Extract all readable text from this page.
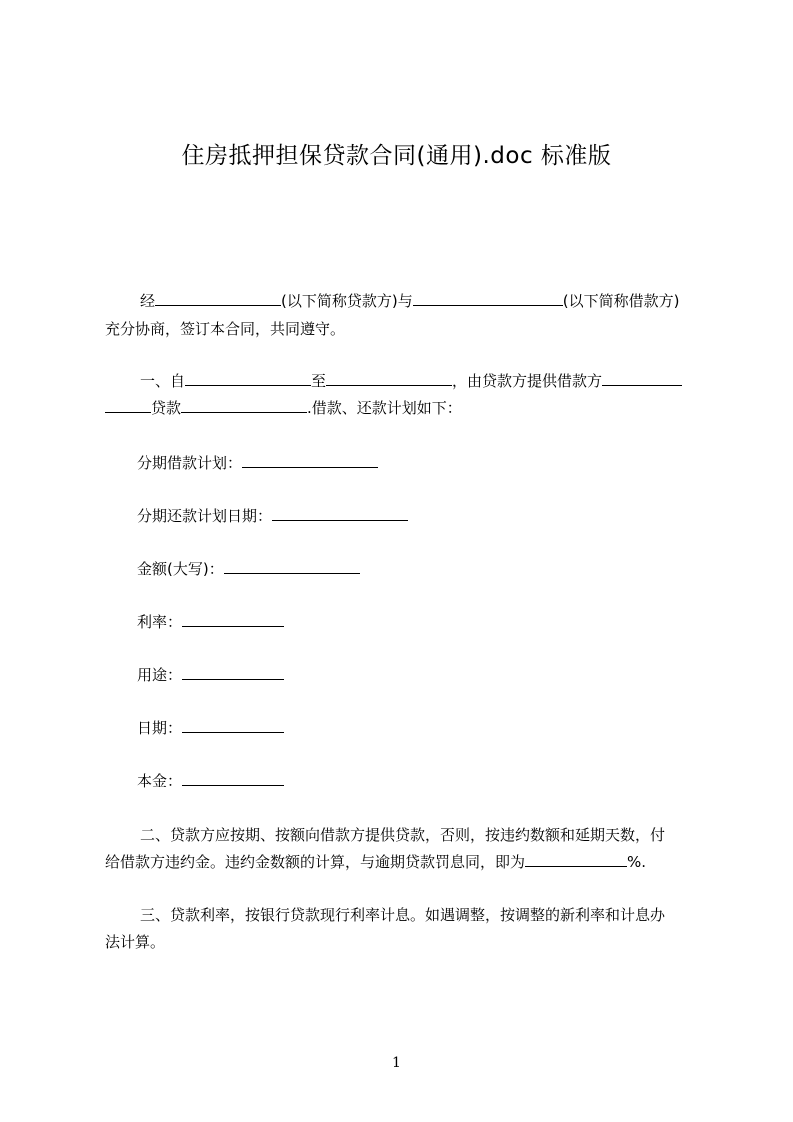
住房抵押担保贷款合同(通用).doc 标准版
经	(以下简称贷款方)与	(以下简称借款方)
充分协商，签订本合同，共同遵守。
一、自	至	，由贷款方提供借款方
贷款	.借款、还款计划如下：
分期借款计划：
分期还款计划日期：
金额(大写)：
利率：
用途：
日期：
本金：
二、贷款方应按期、按额向借款方提供贷款，否则，按违约数额和延期天数，付
给借款方违约金。违约金数额的计算，与逾期贷款罚息同，即为	%.
三、贷款利率，按银行贷款现行利率计息。如遇调整，按调整的新利率和计息办
法计算。
1
